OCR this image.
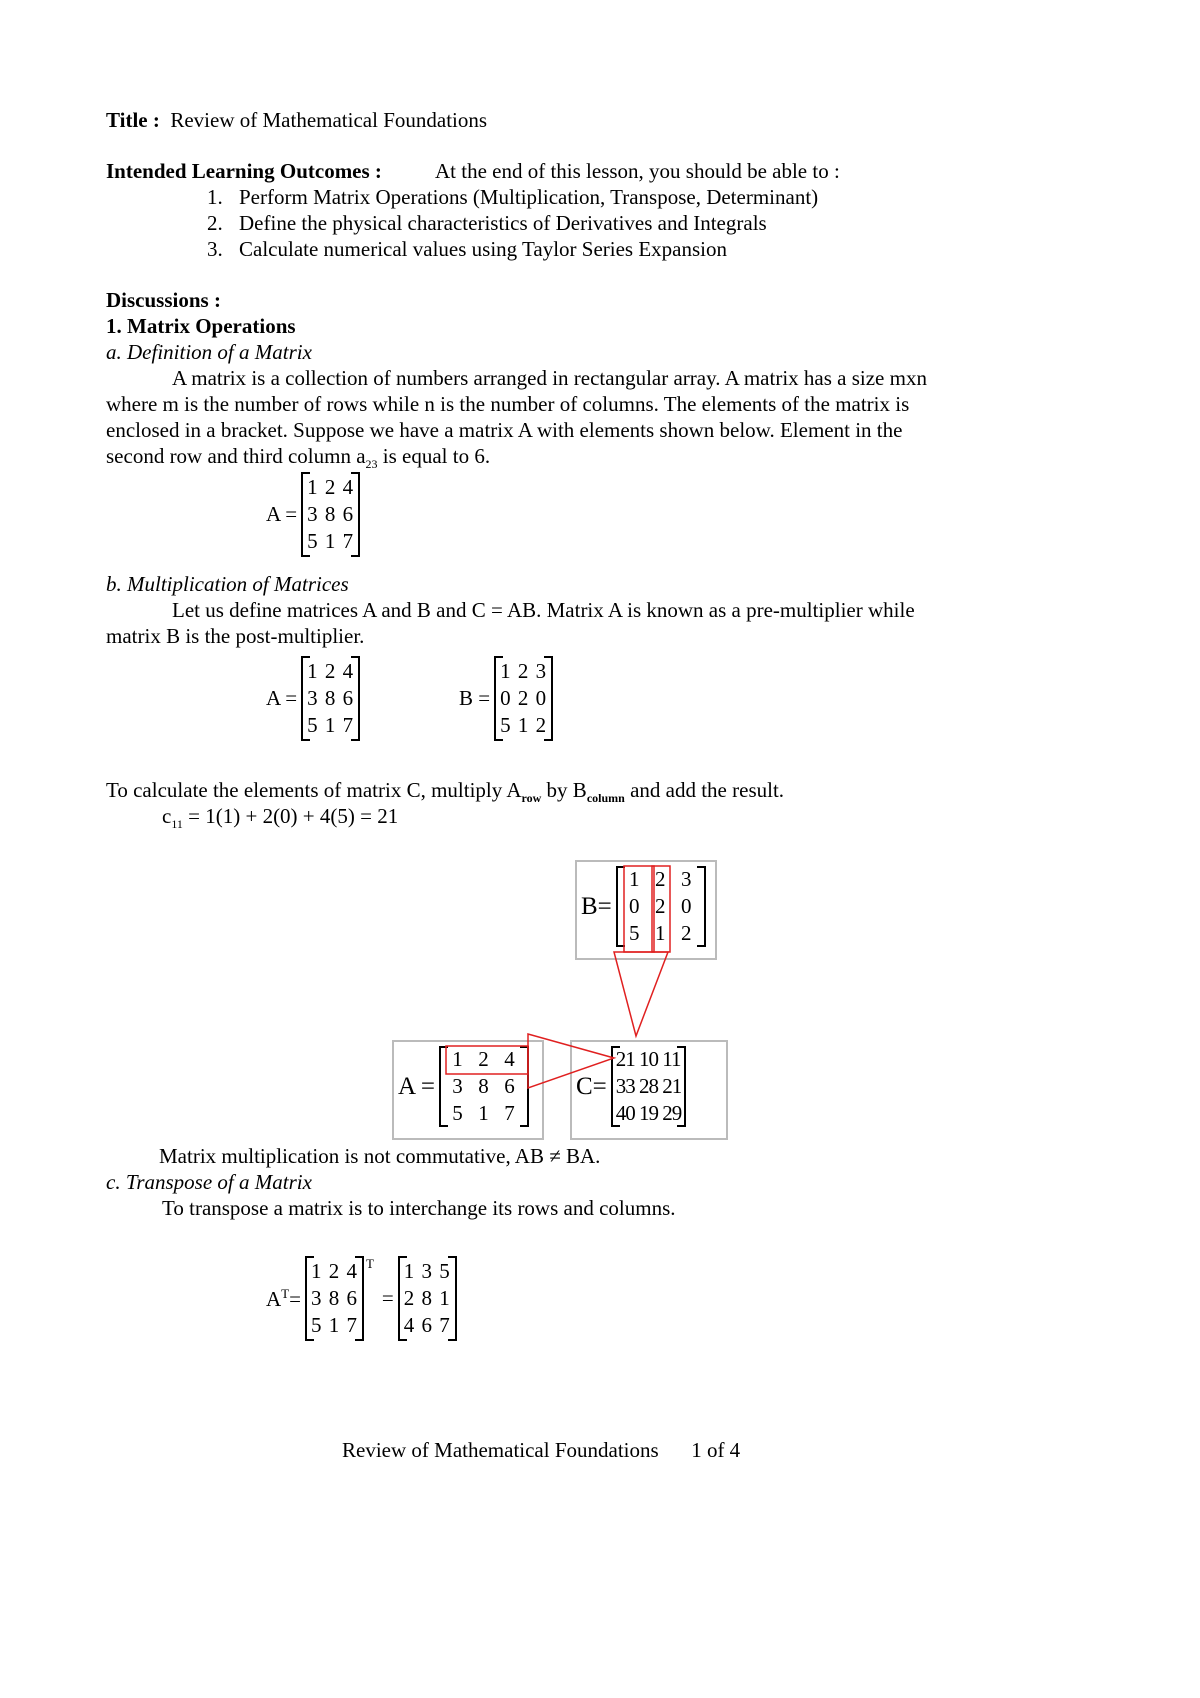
Title : Review of Mathematical Foundations
Intended Learning Outcomes :	At the end of this lesson, you should be able to :
1. Perform Matrix Operations (Multiplication, Transpose, Determinant)
2. Define the physical characteristics of Derivatives and Integrals
3. Calculate numerical values using Taylor Series Expansion
Discussions :
1. Matrix Operations
a. Definition of a Matrix
A matrix is a collection of numbers arranged in rectangular array. A matrix has a size mxn
where m is the number of rows while n is the number of columns. The elements of the matrix is
enclosed in a bracket. Suppose we have a matrix A with elements shown below. Element in the
second row and third column $a_{23}$ is equal to 6.
A =
1 2 4
3 8 6
5 1 7
b. Multiplication of Matrices
Let us define matrices A and B and C = AB. Matrix A is known as a pre-multiplier while
matrix B is the post-multiplier.
A =
1 2 4
3 8 6
5 1 7
B =
1 2 3
0 2 0
5 1 2
To calculate the elements of matrix C, multiply $A_{row}$ by $B_{column}$ and add the result.
$c_{11} = 1(1) + 2(0) + 4(5) = 21$
B=
1 2 3
0 2 0
5 1 2
A =
1 2 4
3 8 6
5 1 7
C=
21 10 11
33 28 21
40 19 29
Matrix multiplication is not commutative, AB ≠ BA.
c. Transpose of a Matrix
To transpose a matrix is to interchange its rows and columns.
$A^T=$
1 2 4
3 8 6
5 1 7
T
=
1 3 5
2 8 1
4 6 7
Review of Mathematical Foundations 1 of 4
